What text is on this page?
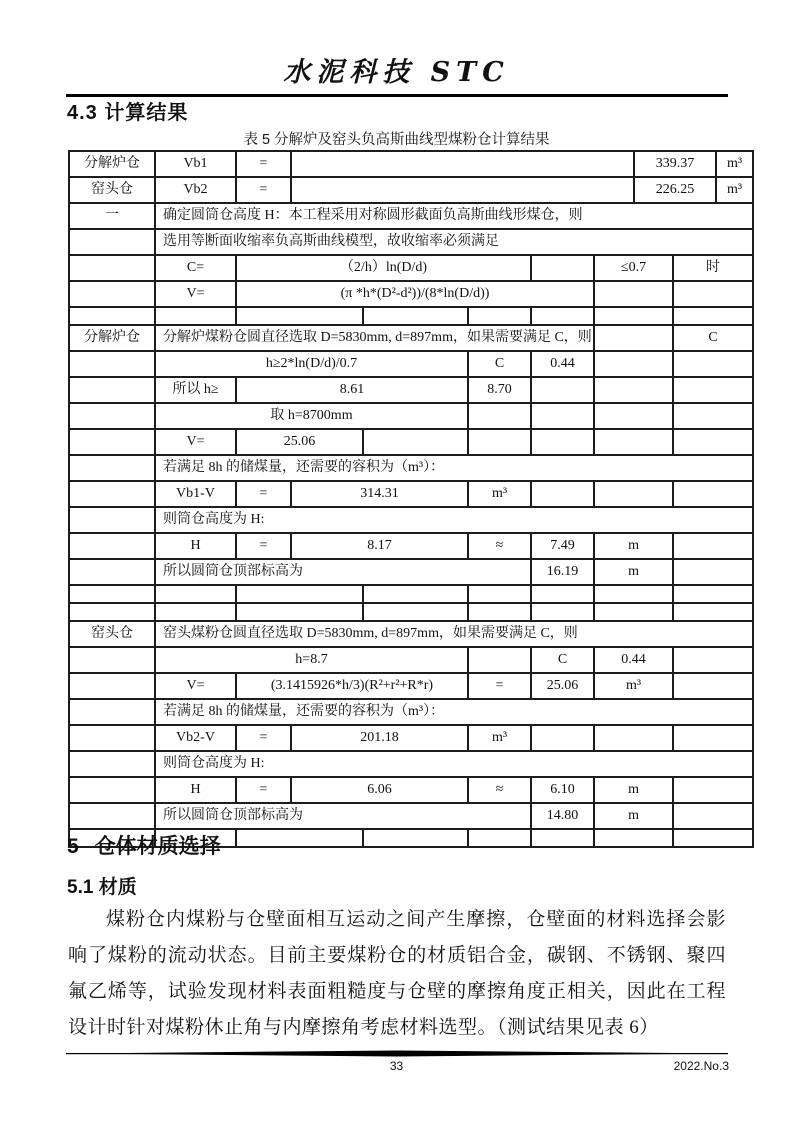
水泥科技 STC
4.3 计算结果
表 5 分解炉及窑头负高斯曲线型煤粉仓计算结果
分解炉仓	Vb1	=						339.37		m³
窑头仓	Vb2	=						226.25		m³
一	确定圆筒仓高度 H：本工程采用对称圆形截面负高斯曲线形煤仓，则									
	选用等断面收缩率负高斯曲线模型，故收缩率必须满足									
	C=	（2/h）ln(D/d)					≤0.7		时	
	V=	(π *h*(D²-d²))/(8*ln(D/d))								

分解炉仓	分解炉煤粉仓圆直径选取 D=5830mm, d=897mm，如果需要满足 C，则								C	
	h≥2*ln(D/d)/0.7				C	0.44				
	所以 h≥	8.61			8.70					
	取 h=8700mm									
	V=	25.06								
	若满足 8h 的储煤量，还需要的容积为（m³）：									
	Vb1-V	=	314.31		m³					
	则筒仓高度为 H:									
	H	=	8.17		≈	7.49	m			
	所以圆筒仓顶部标高为					16.19	m			

窑头仓	窑头煤粉仓圆直径选取 D=5830mm, d=897mm，如果需要满足 C，则									
	h=8.7					C	0.44			
	V=	(3.1415926*h/3)(R²+r²+R*r)			=	25.06	m³			
	若满足 8h 的储煤量，还需要的容积为（m³）：									
	Vb2-V	=	201.18		m³					
	则筒仓高度为 H:									
	H	=	6.06		≈	6.10	m			
	所以圆筒仓顶部标高为					14.80	m			

5 仓体材质选择
5.1 材质

煤粉仓内煤粉与仓壁面相互运动之间产生摩擦，仓壁面的材料选择会影响了煤粉的流动状态。目前主要煤粉仓的材质铝合金，碳钢、不锈钢、聚四氟乙烯等，试验发现材料表面粗糙度与仓壁的摩擦角度正相关，因此在工程设计时针对煤粉休止角与内摩擦角考虑材料选型。（测试结果见表 6）

33	2022.No.3
